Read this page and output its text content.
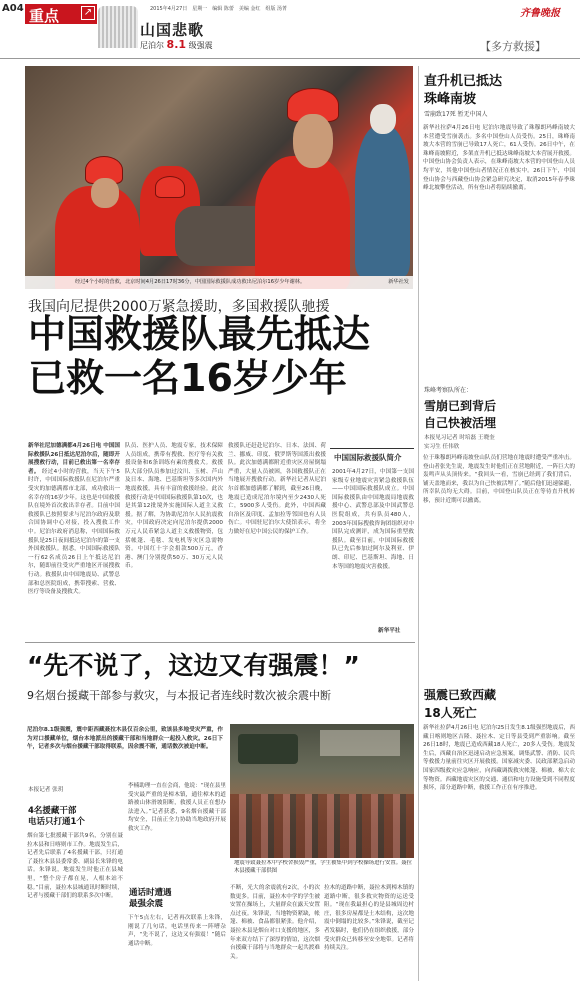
A04 重点 ↗	2015年4月27日　星期一　编辑 陈蕾　美编 金红　组版 汤菁
山国悲歌
尼泊尔 8.1 级强震
齐鲁晚报
【多方救援】
经过4个小时的营救，北京时间4月26日17时36分，中国国际救援队成功救出尼泊尔16岁少年谢林。	新华社发
我国向尼提供2000万紧急援助，多国救援队驰援
中国救援队最先抵达
已救一名16岁少年
新华社尼加德满都4月26日电 中国国际救援队26日抵达尼泊尔后，随即开展搜救行动，目前已救出第一名幸存者。 经过4小时的营救，当天下午5时许，中国国际救援队在尼泊尔严重受灾的加德满都市北部，成功救出一名幸存的16岁少年。这也是中国救援队在境外首次救出幸存者。目前中国救援队已按照要求与尼泊尔政府及联合国协调中心对接，投入搜救工作中。尼泊尔政府消息称，中国国际救援队是25日夜间抵达尼泊尔的第一支外国救援队。据悉，中国国际救援队一行62名成员26日上午抵达尼泊尔，随即前往受灾严重地区开展搜救行动。救援队由中国地震局、武警总部和总医院组成，携带搜索、营救、医疗等设备及搜救犬。
队员、医护人员、地震专家，技术保障人员组成，携带有搜救、医疗等有关救援设备和6条训练有素的搜救犬。救援队大部分队员参加过汶川、玉树、芦山及日本、海地、巴基斯坦等多次国内外地震救援，具有丰富的救援经验。此次救援行动是中国国际救援队第10次，也是其第12批境外实施国际人道主义救援。据了解，为协助尼泊尔人民抗震救灾，中国政府决定向尼泊尔提供2000万元人民币紧急人道主义救援物资，包括帐篷、毛毯、发电机等灾区急需物资。中国红十字会捐款500万元，香港、澳门分别提供50万、30万元人民币。
救援队还赶赴尼泊尔、日本、法国、荷兰、挪威、印度、俄罗斯等国派出救援队。此次加德满都附近重灾区房屋倒塌严重，大量人员被困，各国救援队正在当地展开搜救行动。新华社记者从尼泊尔首都加德满都了解到，截至26日晚，地震已造成尼泊尔境内至少2430人死亡，5900多人受伤。此外，中国西藏自治区及印度、孟加拉等邻国也有人员伤亡。中国驻尼泊尔大使馆表示，将全力做好在尼中国公民的保护工作。
中国国际救援队简介
2001年4月27日，中国第一支国家级专业地震灾害紧急救援队伍——中国国际救援队成立。中国国际救援队由中国地震局地震救援中心、武警总部及中国武警总医院组成，共有队员480人，2003年国际搜救咨询团组织对中国队完成测评，成为国际重型救援队。截至目前，中国国际救援队已先后参加过阿尔及利亚、伊朗、印尼、巴基斯坦、海地、日本等国的地震灾害救援。
新华平社
直升机已抵达
珠峰南坡
雪崩致17死 暂无中国人
新华社拉萨4月26日电 尼泊尔地震导致了珠穆朗玛峰南坡大本营遭受雪崩袭击。多名中国登山人员受伤。25日，珠峰南坡大本营的雪崩已导致17人死亡，61人受伤。26日中午，在珠峰南坡附近，多架直升机已抵达珠峰南坡大本营展开救援。中国登山协会负责人表示，在珠峰南坡大本营的中国登山人员均平安，其他中国登山者情况正在核实中。26日下午，中国登山协会与西藏登山协会紧急研究决定，取消2015年春季珠峰北坡攀登活动，所有登山者将陆续撤离。
珠峰考察队所在：
雪崩已到背后
自己快被活埋
本报见习记者 时培磊 王晓奎
实习生 任伟欣
位于珠穆朗玛峰南坡登山队员们营地在地震时遭受严重冲击。登山者张先生说，地震发生时他们正在营地附近，一阵巨大的轰鸣声从头顶传来。“我回头一看，雪崩已经到了我们背后，铺天盖地而来，我以为自己快被活埋了。”随后他们迅速躲避，所幸队员均无大碍。目前，中国登山队员正在等待直升机转移，预计近期可以撤离。
强震已致西藏
18人死亡
新华社拉萨4月26日电 尼泊尔25日发生8.1级强烈地震后，西藏日喀则地区吉隆、聂拉木、定日等县受到严重影响。截至26日18时，地震已造成西藏18人死亡，20多人受伤。地震发生后，西藏自治区迅速启动应急预案，调集武警、消防、民兵等救援力量前往灾区开展救援。国家减灾委、民政部紧急启动国家四级救灾应急响应，向西藏调拨救灾帐篷、棉被、棉大衣等物资。西藏地震灾区的交通、通信和电力设施受到不同程度损坏，部分道路中断，救援工作正在有序推进。
“先不说了，这边又有强震！”
9名烟台援藏干部参与救灾，与本报记者连线时数次被余震中断
尼泊尔8.1级强震，震中距西藏聂拉木县仅百余公里，致该县多地受灾严重，作为对口援藏单位，烟台本地派出的援藏干部和当地群众一起投入救灾。26日下午，记者多次与烟台援藏干部取得联系，因余震不断，通话数次被迫中断。
本报记者 张玥
4名援藏干部
电话只打通1个
烟台第七批援藏干部共9名，分别在聂拉木县和日喀则市工作。地震发生后，记者先后联系了4名援藏干部，只打通了聂拉木县县委常委、副县长朱锋的电话。朱锋说，地震发生时他正在县城里，“整个房子都在晃，人根本站不稳。”目前，聂拉木县城通讯时断时续，记者与援藏干部们的联系多次中断。
李楠助理一直在会商，他说：“现在县里受灾最严重的是樟木镇，通往樟木的道路被山体滑坡阻断，救援人员正在想办法进入。”记者获悉，9名烟台援藏干部均安全，目前正全力协助当地政府开展救灾工作。
通话时遭遇
最强余震
下午5点左右，记者再次联系上朱锋，刚说了几句话，电话里传来一阵嘈杂声，“先不说了，这边又有强震！”随后通话中断。
地震导致聂拉木中学校舍损毁严重，学生被集中到学校操场进行安置。聂拉木县援藏干部供图
不断，光大的余震就有2次，小的次数更多。目前，聂拉木中学的学生被安置在操场上，大量群众在露天安置点过夜。朱锋说，当地物资紧缺，帐篷、棉被、食品都很紧张。他介绍，聂拉木县是烟台对口支援的地区，多年来双方结下了深厚的情谊，这次烟台援藏干部将与当地群众一起共渡难关。
拉木的道路中断，聂拉木到樟木镇的道路中断，很多救灾物资的运送受阻。“现在我最担心的是县城周边村庄，很多房屋都是土木结构，这次地震中倒塌的比较多。”朱锋说，截至记者发稿时，他们仍在组织救援，部分受灾群众已转移至安全地带。记者将持续关注。
